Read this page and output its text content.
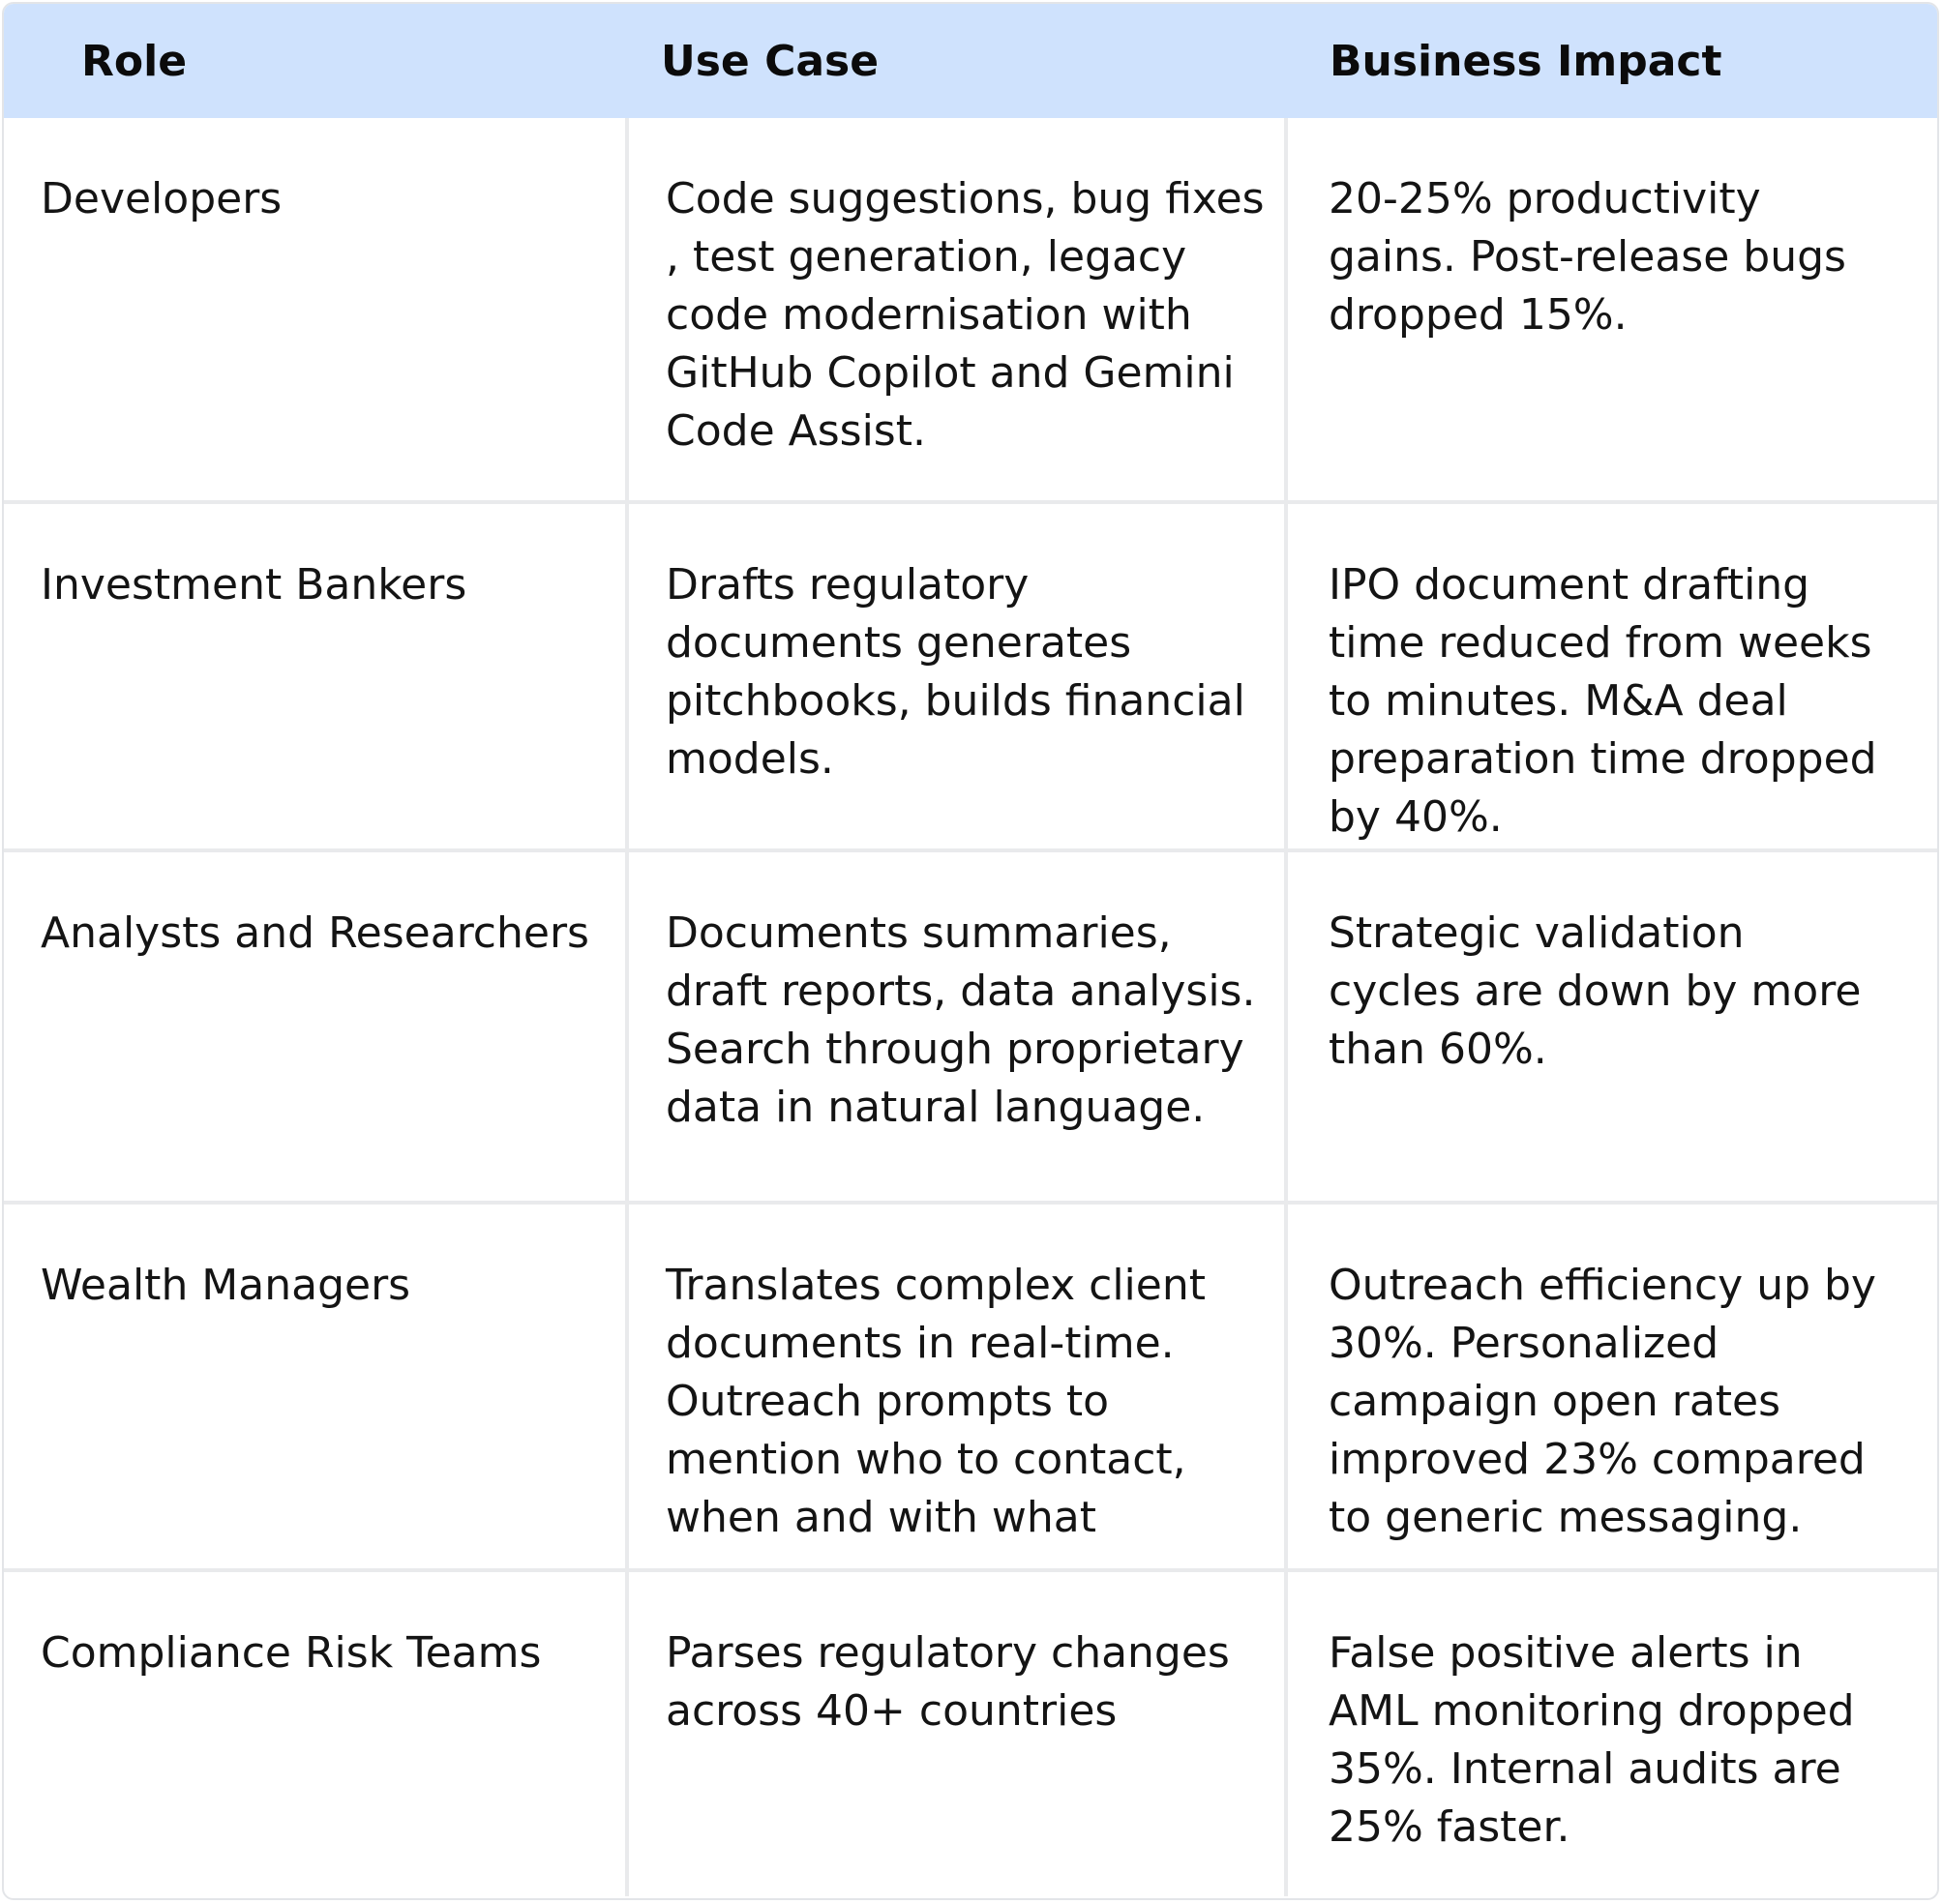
Role	Use Case	Business Impact
Developers	Code suggestions, bug fixes , test generation, legacy code modernisation with GitHub Copilot and Gemini Code Assist.	20-25% productivity gains. Post-release bugs dropped 15%.
Investment Bankers	Drafts regulatory documents generates pitchbooks, builds financial models.	IPO document drafting time reduced from weeks to minutes. M&A deal preparation time dropped by 40%.
Analysts and Researchers	Documents summaries, draft reports, data analysis. Search through proprietary data in natural language.	Strategic validation cycles are down by more than 60%.
Wealth Managers	Translates complex client documents in real-time. Outreach prompts to mention who to contact, when and with what	Outreach efficiency up by 30%. Personalized campaign open rates improved 23% compared to generic messaging.
Compliance Risk Teams	Parses regulatory changes across 40+ countries	False positive alerts in AML monitoring dropped 35%. Internal audits are 25% faster.
